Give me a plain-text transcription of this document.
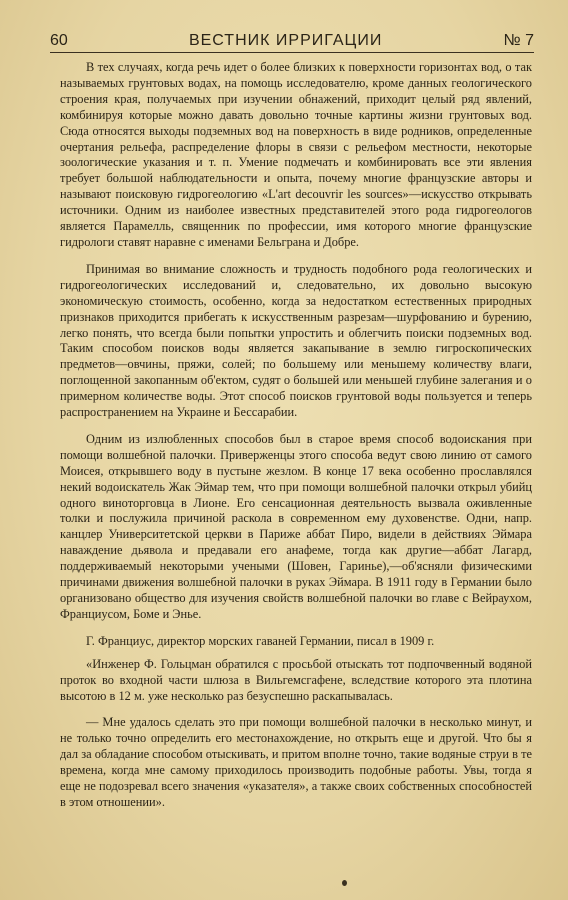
60	ВЕСТНИК ИРРИГАЦИИ	№ 7

В тех случаях, когда речь идет о более близких к поверхности горизонтах вод, о так называемых грунтовых водах, на помощь исследователю, кроме данных геологического строения края, получаемых при изучении обнажений, приходит целый ряд явлений, комбинируя которые можно давать довольно точные картины жизни грунтовых вод. Сюда относятся выходы подземных вод на поверхность в виде родников, определенные очертания рельефа, распределение флоры в связи с рельефом местности, некоторые зоологические указания и т. п. Умение подмечать и комбинировать все эти явления требует большой наблюдательности и опыта, почему многие французские авторы и называют поисковую гидрогеологию «L'art decouvrir les sources»—искусство открывать источники. Одним из наиболее известных представителей этого рода гидрогеологов является Парамелль, священник по профессии, имя которого многие французские гидрологи ставят наравне с именами Бельграна и Добре.

Принимая во внимание сложность и трудность подобного рода геологических и гидрогеологических исследований и, следовательно, их довольно высокую экономическую стоимость, особенно, когда за недостатком естественных природных признаков приходится прибегать к искусственным разрезам—шурфованию и бурению, легко понять, что всегда были попытки упростить и облегчить поиски подземных вод. Таким способом поисков воды является закапывание в землю гигроскопических предметов—овчины, пряжи, солей; по большему или меньшему количеству влаги, поглощенной закопанным об'ектом, судят о большей или меньшей глубине залегания и о примерном количестве воды. Этот способ поисков грунтовой воды пользуется и теперь распространением на Украине и Бессарабии.

Одним из излюбленных способов был в старое время способ водоискания при помощи волшебной палочки. Приверженцы этого способа ведут свою линию от самого Моисея, открывшего воду в пустыне жезлом. В конце 17 века особенно прославлялся некий водоискатель Жак Эймар тем, что при помощи волшебной палочки открыл убийц одного виноторговца в Лионе. Его сенсационная деятельность вызвала оживленные толки и послужила причиной раскола в современном ему духовенстве. Одни, напр. канцлер Университетской церкви в Париже аббат Пиро, видели в действиях Эймара наваждение дьявола и предавали его анафеме, тогда как другие—аббат Лагард, поддерживаемый некоторыми учеными (Шовен, Гаринье),—об'ясняли физическими причинами движения волшебной палочки в руках Эймара. В 1911 году в Германии было организовано общество для изучения свойств волшебной палочки во главе с Вейраухом, Франциусом, Боме и Энье.

Г. Франциус, директор морских гаваней Германии, писал в 1909 г.

«Инженер Ф. Гольцман обратился с просьбой отыскать тот подпочвенный водяной проток во входной части шлюза в Вильгемсгафене, вследствие которого эта плотина высотою в 12 м. уже несколько раз безуспешно раскапывалась.

— Мне удалось сделать это при помощи волшебной палочки в несколько минут, и не только точно определить его местонахождение, но открыть еще и другой. Что бы я дал за обладание способом отыскивать, и притом вполне точно, такие водяные струи в те времена, когда мне самому приходилось производить подобные работы. Увы, тогда я еще не подозревал всего значения «указателя», а также своих собственных способностей в этом отношении».
